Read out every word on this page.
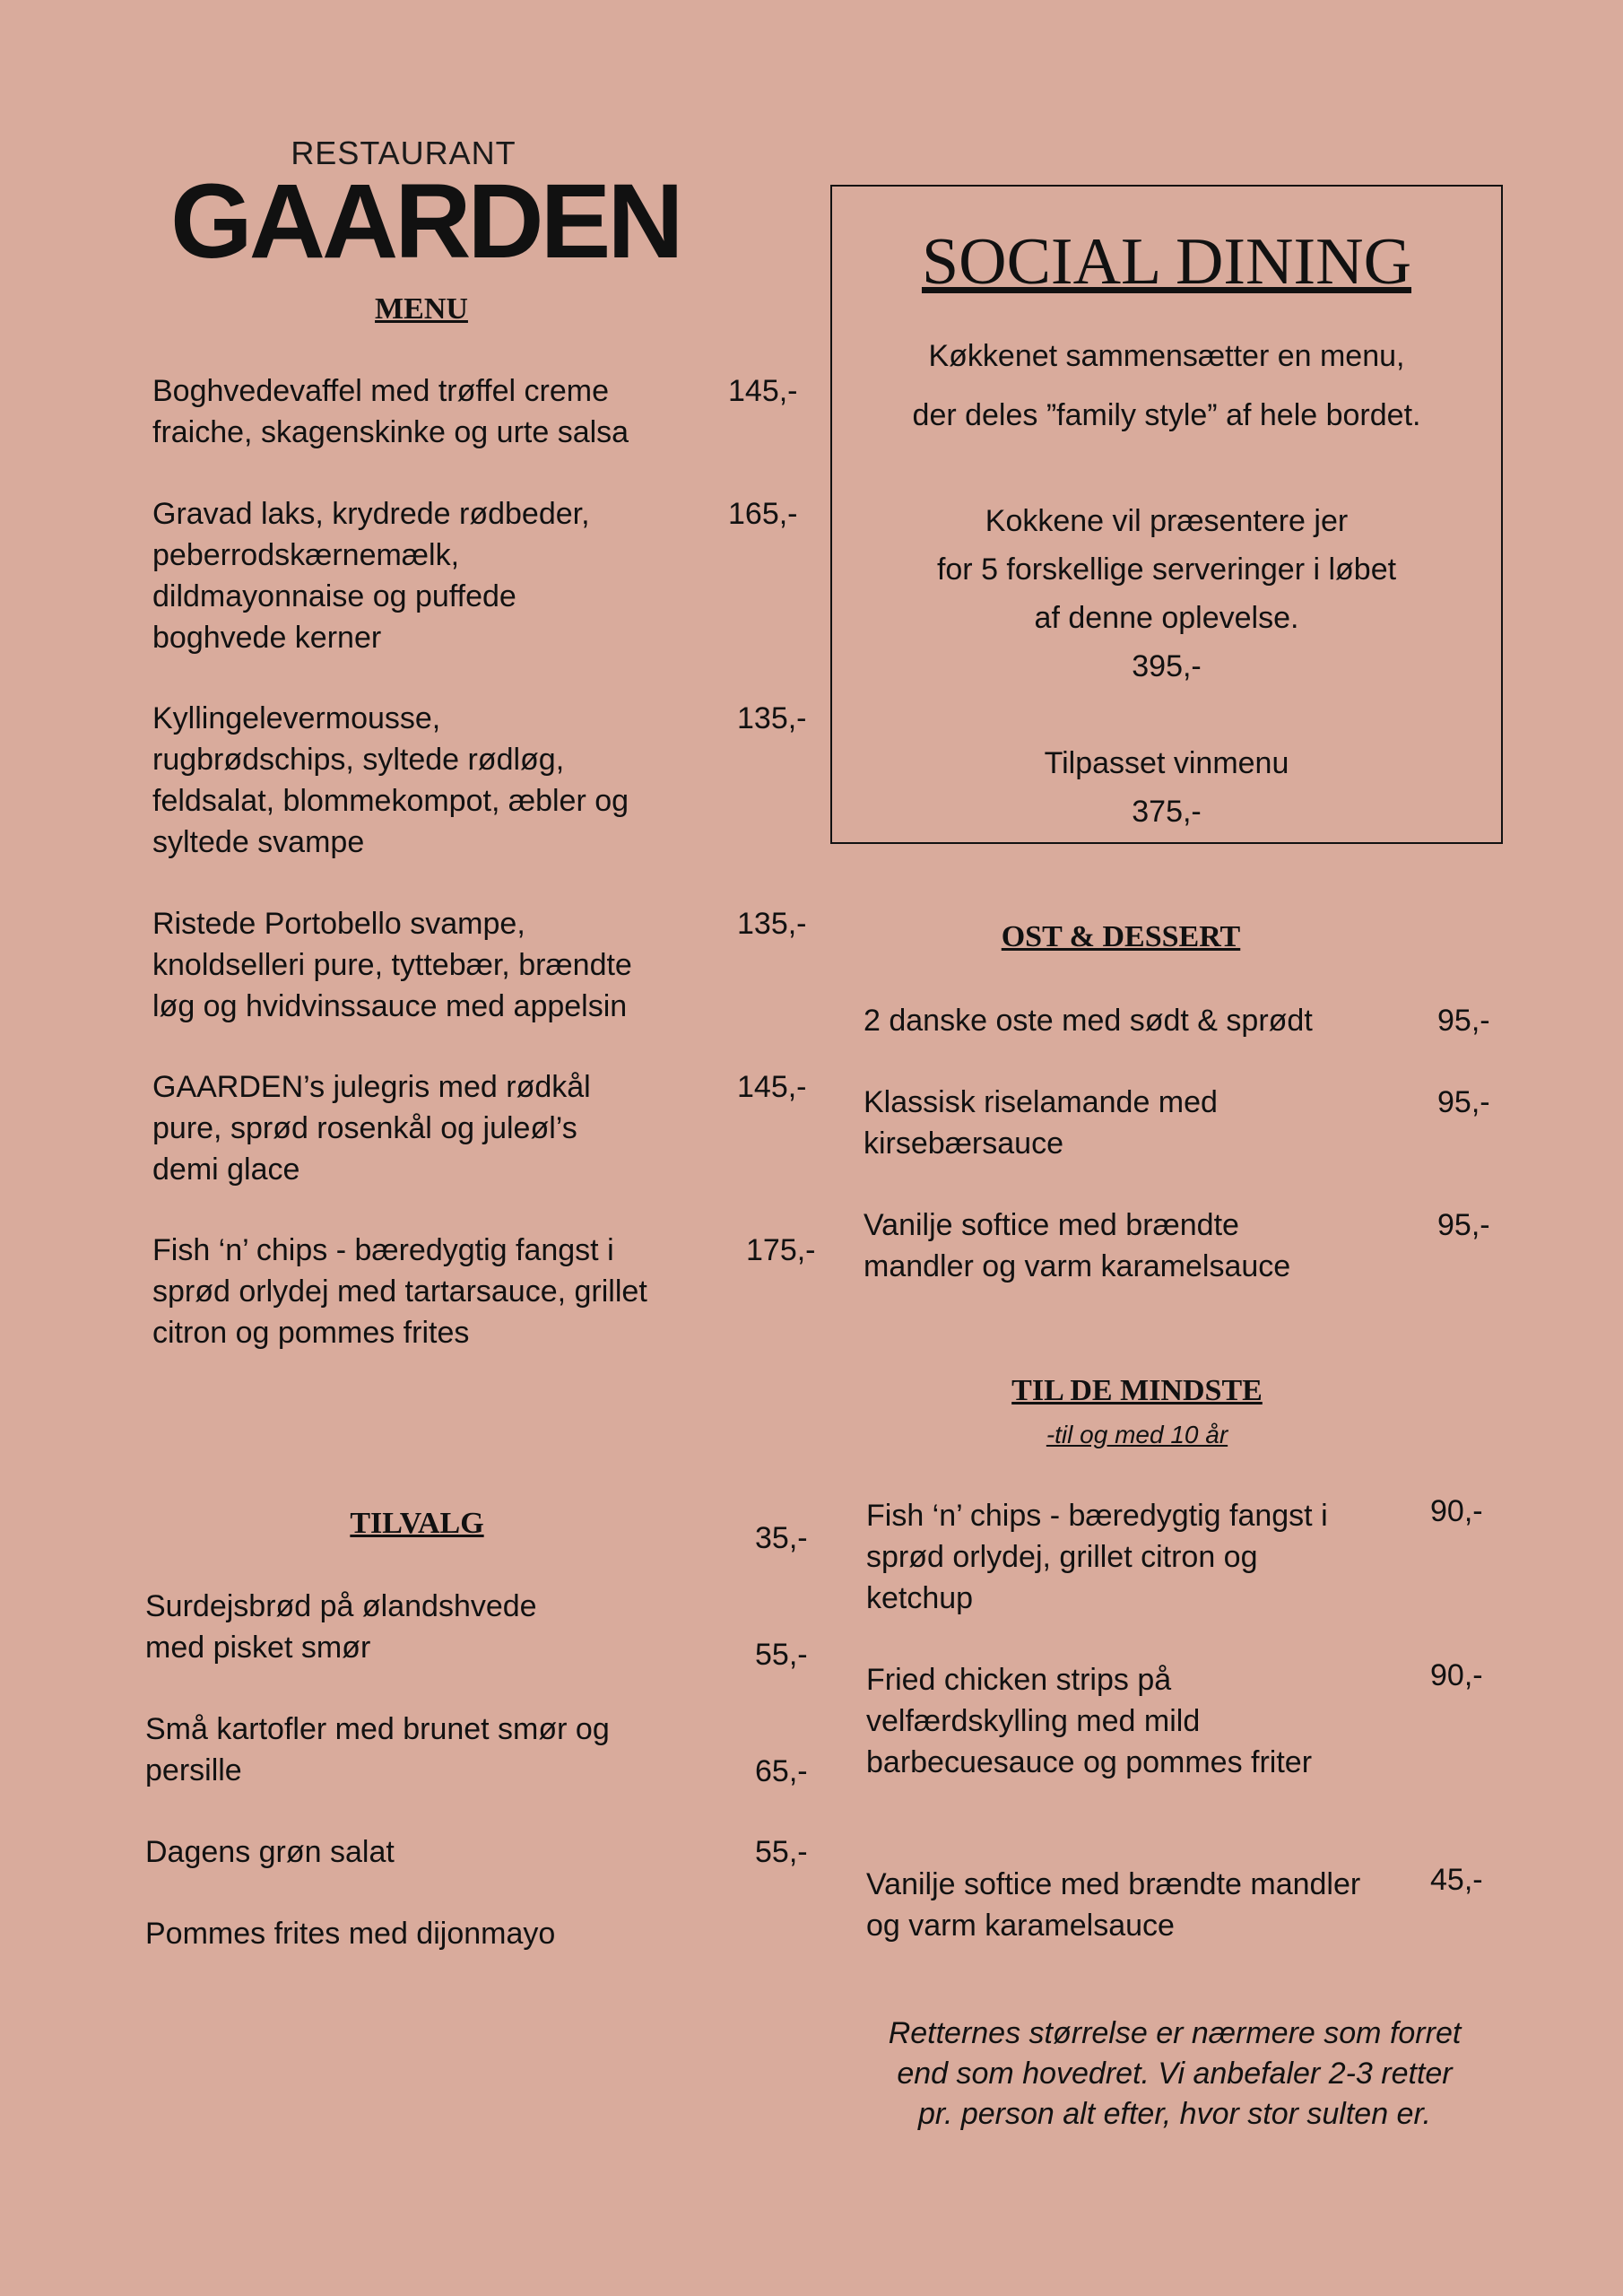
RESTAURANT
GAARDEN
MENU
Boghvedevaffel med trøffel creme
fraiche, skagenskinke og urte salsa
145,-
Gravad laks, krydrede rødbeder,
peberrodskærnemælk,
dildmayonnaise og puffede
boghvede kerner
165,-
Kyllingelevermousse,
rugbrødschips, syltede rødløg,
feldsalat, blommekompot, æbler og
syltede svampe
135,-
Ristede Portobello svampe,
knoldselleri pure, tyttebær, brændte
løg og hvidvinssauce med appelsin
135,-
GAARDEN’s julegris med rødkål
pure, sprød rosenkål og juleøl’s
demi glace
145,-
Fish ‘n’ chips - bæredygtig fangst i
sprød orlydej med tartarsauce, grillet
citron og pommes frites
175,-
TILVALG
Surdejsbrød på ølandshvede
med pisket smør
35,-
Små kartofler med brunet smør og
persille
55,-
Dagens grøn salat
65,-
Pommes frites med dijonmayo
55,-
SOCIAL DINING
Køkkenet sammensætter en menu,
der deles ”family style” af hele bordet.
Kokkene vil præsentere jer
for 5 forskellige serveringer i løbet
af denne oplevelse.
395,-
Tilpasset vinmenu
375,-
OST & DESSERT
2 danske oste med sødt & sprødt	95,-
Klassisk riselamande med
kirsebærsauce
95,-
Vanilje softice med brændte
mandler og varm karamelsauce
95,-
TIL DE MINDSTE
-til og med 10 år
Fish ‘n’ chips - bæredygtig fangst i
sprød orlydej, grillet citron og
ketchup
90,-
Fried chicken strips på
velfærdskylling med mild
barbecuesauce og pommes friter
90,-
Vanilje softice med brændte mandler
og varm karamelsauce
45,-
Retternes størrelse er nærmere som forret
end som hovedret. Vi anbefaler 2-3 retter
pr. person alt efter, hvor stor sulten er.
